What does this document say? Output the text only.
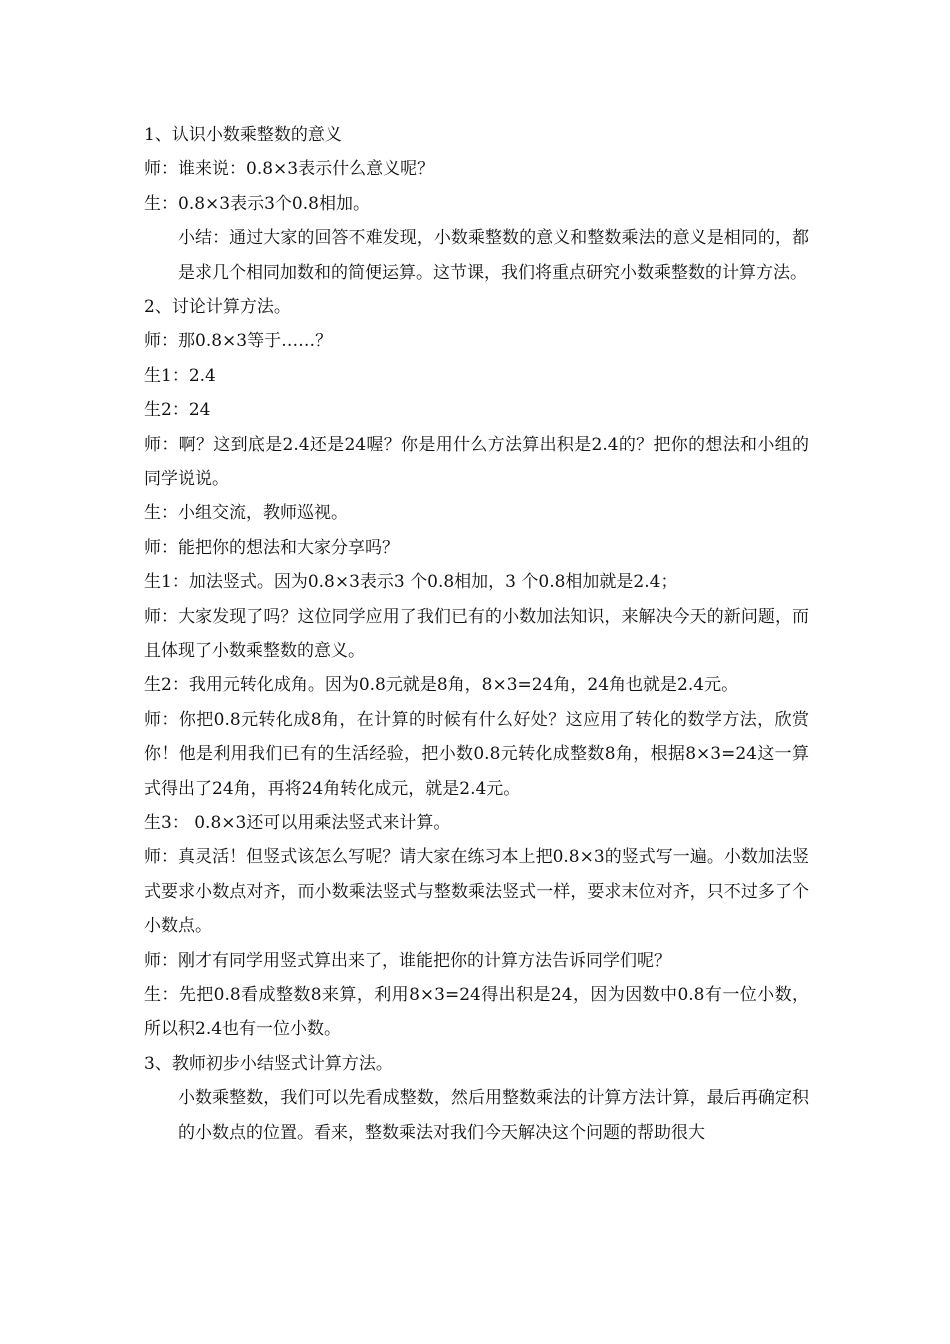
1、认识小数乘整数的意义
师：谁来说：0.8×3表示什么意义呢？
生：0.8×3表示3个0.8相加。
小结：通过大家的回答不难发现，小数乘整数的意义和整数乘法的意义是相同的，都是求几个相同加数和的简便运算。这节课，我们将重点研究小数乘整数的计算方法。
2、讨论计算方法。
师：那0.8×3等于……？
生1：2.4
生2：24
师：啊？这到底是2.4还是24喔？你是用什么方法算出积是2.4的？把你的想法和小组的同学说说。
生：小组交流，教师巡视。
师：能把你的想法和大家分享吗？
生1：加法竖式。因为0.8×3表示3 个0.8相加，3 个0.8相加就是2.4；
师：大家发现了吗？这位同学应用了我们已有的小数加法知识，来解决今天的新问题，而且体现了小数乘整数的意义。
生2：我用元转化成角。因为0.8元就是8角，8×3=24角，24角也就是2.4元。
师：你把0.8元转化成8角，在计算的时候有什么好处？这应用了转化的数学方法，欣赏你！他是利用我们已有的生活经验，把小数0.8元转化成整数8角，根据8×3=24这一算式得出了24角，再将24角转化成元，就是2.4元。
生3： 0.8×3还可以用乘法竖式来计算。
师：真灵活！但竖式该怎么写呢？请大家在练习本上把0.8×3的竖式写一遍。小数加法竖式要求小数点对齐，而小数乘法竖式与整数乘法竖式一样，要求末位对齐，只不过多了个小数点。
师：刚才有同学用竖式算出来了，谁能把你的计算方法告诉同学们呢？
生：先把0.8看成整数8来算，利用8×3=24得出积是24，因为因数中0.8有一位小数，所以积2.4也有一位小数。
3、教师初步小结竖式计算方法。
小数乘整数，我们可以先看成整数，然后用整数乘法的计算方法计算，最后再确定积的小数点的位置。看来，整数乘法对我们今天解决这个问题的帮助很大
